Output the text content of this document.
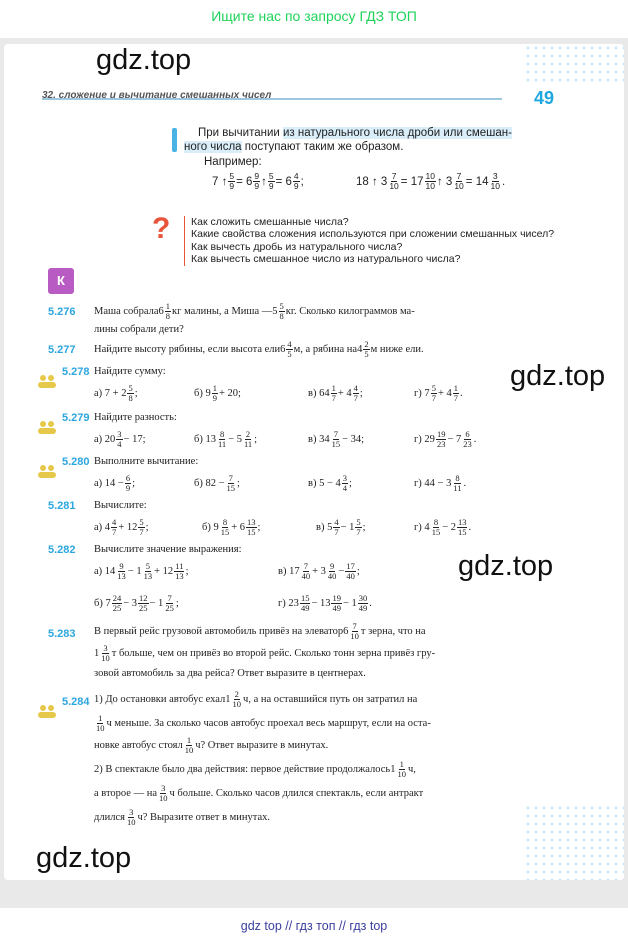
Ищите нас по запросу ГДЗ ТОП
gdz.top
32. сложение и вычитание смешанных чисел	49
При вычитании из натурального числа дроби или смешан-
ного числа поступают таким же образом.
Например:
7 ↑ $\frac{5}{9} = 6 \frac{9}{9}$ ↑ $\frac{5}{9} = 6 \frac{4}{9}$ ;	18 ↑ $3 \frac{7}{10} = 17 \frac{10}{10}$ ↑ $3 \frac{7}{10} = 14 \frac{3}{10}$ .
?	Как сложить смешанные числа?
Какие свойства сложения используются при сложении смешанных чисел?
Как вычесть дробь из натурального числа?
Как вычесть смешанное число из натурального числа?
К
5.276 Маша собрала $6 \frac{1}{8}$ кг малины, а Миша — $5 \frac{5}{8}$ кг. Сколько килограммов ма-
лины собрали дети?
5.277 Найдите высоту рябины, если высота ели $6 \frac{4}{5} м$, а рябина на $4 \frac{2}{5}$ м ниже ели.
5.278 Найдите сумму:
а) $7 + 2 \frac{5}{8}$ ;	б) $9 \frac{1}{9} + 20$;	в) $64 \frac{1}{7} + 4 \frac{4}{7}$ ;	г) $7 \frac{5}{7} + 4 \frac{1}{7}$ .
gdz.top
5.279 Найдите разность:
а) $20 \frac{3}{4} - 17$;	б) $13 \frac{8}{11} - 5 \frac{2}{11}$ ;	в) $34 \frac{7}{15} - 34$;	г) $29 \frac{19}{23} - 7 \frac{6}{23}$ .
5.280 Выполните вычитание:
а) $14 - \frac{6}{9}$ ;	б) $82 - \frac{7}{15}$ ;	в) $5 - 4 \frac{3}{4}$ ;	г) $44 - 3 \frac{8}{11}$ .
5.281 Вычислите:
а) $4 \frac{4}{7} + 12 \frac{5}{7}$ ;	б) $9 \frac{8}{15} + 6 \frac{13}{15}$ ;	в) $5 \frac{4}{7} - 1 \frac{5}{7}$ ;	г) $4 \frac{8}{15} - 2 \frac{13}{15}$ .
5.282 Вычислите значение выражения:
а) $14 \frac{9}{13} - 1 \frac{5}{13} + 12 \frac{11}{13}$ ;	в) $17 \frac{7}{40} + 3 \frac{9}{40} - \frac{17}{40}$ ;
б) $7 \frac{24}{25} - 3 \frac{12}{25} - 1 \frac{7}{25}$ ;	г) $23 \frac{15}{49} - 13 \frac{19}{49} - 1 \frac{30}{49}$ .
gdz.top
5.283 В первый рейс грузовой автомобиль привёз на элеватор $6 \frac{7}{10}$ т зерна, что на
$1 \frac{3}{10}$ т больше, чем он привёз во второй рейс. Сколько тонн зерна привёз гру-
зовой автомобиль за два рейса? Ответ выразите в центнерах.
5.284 1) До остановки автобус ехал $1 \frac{2}{10} ч$, а на оставшийся путь он затратил на
$\frac{1}{10}$ ч меньше. За сколько часов автобус проехал весь маршрут, если на оста-
новке автобус стоял $\frac{1}{10} ч$? Ответ выразите в минутах.
2) В спектакле было два действия: первое действие продолжалось $1 \frac{1}{10} ч$,
а второе — на $\frac{3}{10}$ ч больше. Сколько часов длился спектакль, если антракт
длился $\frac{3}{10} ч$? Выразите ответ в минутах.
gdz.top
gdz top // гдз топ // гдз top
